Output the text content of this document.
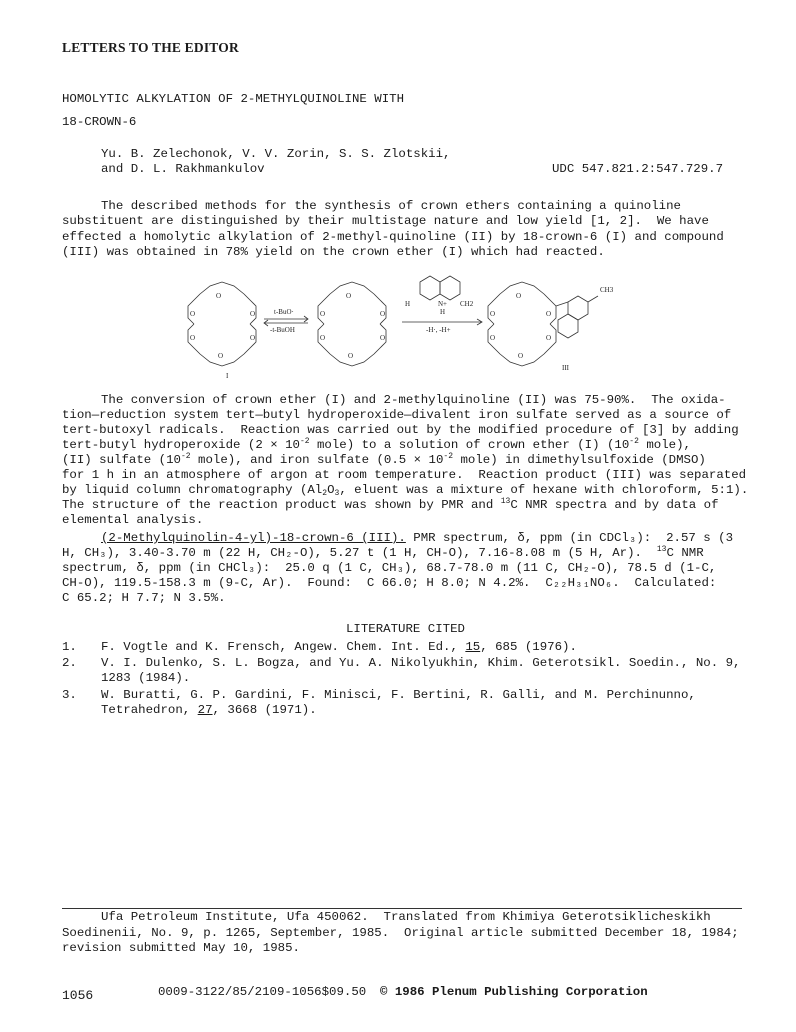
LETTERS TO THE EDITOR
HOMOLYTIC ALKYLATION OF 2-METHYLQUINOLINE WITH
18-CROWN-6
Yu. B. Zelechonok, V. V. Zorin, S. S. Zlotskii,
and D. L. Rakhmankulov	UDC 547.821.2:547.729.7
The described methods for the synthesis of crown ethers containing a quinoline
substituent are distinguished by their multistage nature and low yield [1, 2].  We have
effected a homolytic alkylation of 2-methyl-quinoline (II) by 18-crown-6 (I) and compound
(III) was obtained in 78% yield on the crown ether (I) which had reacted.
O
O	O
O	O
O
t-BuO·
-t-BuOH
O
O	O
O	O
O
H	N+
H
CH2
-H·, -H+
O
O	O
O	O
O
CH3
I
III
The conversion of crown ether (I) and 2-methylquinoline (II) was 75-90%.  The oxida-
tion—reduction system tert—butyl hydroperoxide—divalent iron sulfate served as a source of
tert-butoxyl radicals.  Reaction was carried out by the modified procedure of [3] by adding
tert-butyl hydroperoxide ($2 \times 10^{-2}$ mole) to a solution of crown ether (I) ($10^{-2}$ mole),
(II) sulfate ($10^{-2}$ mole), and iron sulfate ($0.5 \times 10^{-2}$ mole) in dimethylsulfoxide (DMSO)
for 1 h in an atmosphere of argon at room temperature.  Reaction product (III) was separated
by liquid column chromatography ($Al_2O_3$, eluent was a mixture of hexane with chloroform, 5:1).
The structure of the reaction product was shown by PMR and $^{13}$C NMR spectra and by data of
elemental analysis.
(2-Methylquinolin-4-yl)-18-crown-6 (III). PMR spectrum, δ, ppm (in CDCl₃):  2.57 s (3
H, CH₃), 3.40-3.70 m (22 H, CH₂-O), 5.27 t (1 H, CH-O), 7.16-8.08 m (5 H, Ar).  $^{13}$C NMR
spectrum, δ, ppm (in CHCl₃):  25.0 q (1 C, CH₃), 68.7-78.0 m (11 C, CH₂-O), 78.5 d (1-C,
CH-O), 119.5-158.3 m (9-C, Ar).  Found:  C 66.0; H 8.0; N 4.2%.  C₂₂H₃₁NO₆.  Calculated:
C 65.2; H 7.7; N 3.5%.
LITERATURE CITED
1. F. Vogtle and K. Frensch, Angew. Chem. Int. Ed., 15, 685 (1976).
2. V. I. Dulenko, S. L. Bogza, and Yu. A. Nikolyukhin, Khim. Geterotsikl. Soedin., No. 9,
1283 (1984).
3. W. Buratti, G. P. Gardini, F. Minisci, F. Bertini, R. Galli, and M. Perchinunno,
Tetrahedron, 27, 3668 (1971).
Ufa Petroleum Institute, Ufa 450062.  Translated from Khimiya Geterotsiklicheskikh
Soedinenii, No. 9, p. 1265, September, 1985.  Original article submitted December 18, 1984;
revision submitted May 10, 1985.
1056	0009-3122/85/2109-1056$09.50 © 1986 Plenum Publishing Corporation
